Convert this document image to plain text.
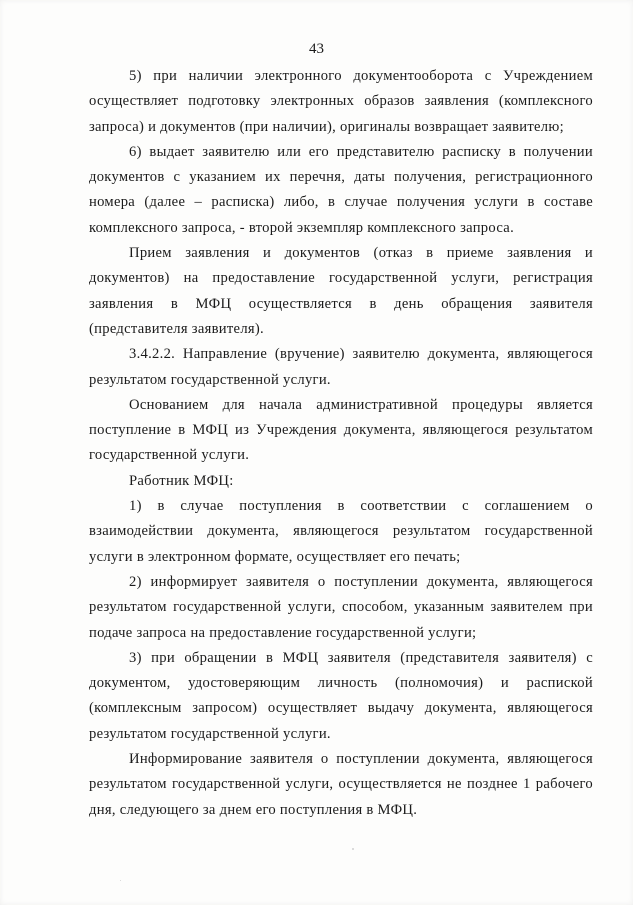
43

5) при наличии электронного документооборота с Учреждением осуществляет подготовку электронных образов заявления (комплексного запроса) и документов (при наличии), оригиналы возвращает заявителю;

6) выдает заявителю или его представителю расписку в получении документов с указанием их перечня, даты получения, регистрационного номера (далее – расписка) либо, в случае получения услуги в составе комплексного запроса, - второй экземпляр комплексного запроса.

Прием заявления и документов (отказ в приеме заявления и документов) на предоставление государственной услуги, регистрация заявления в МФЦ осуществляется в день обращения заявителя (представителя заявителя).

3.4.2.2. Направление (вручение) заявителю документа, являющегося результатом государственной услуги.

Основанием для начала административной процедуры является поступление в МФЦ из Учреждения документа, являющегося результатом государственной услуги.

Работник МФЦ:

1) в случае поступления в соответствии с соглашением о взаимодействии документа, являющегося результатом государственной услуги в электронном формате, осуществляет его печать;

2) информирует заявителя о поступлении документа, являющегося результатом государственной услуги, способом, указанным заявителем при подаче запроса на предоставление государственной услуги;

3) при обращении в МФЦ заявителя (представителя заявителя) с документом, удостоверяющим личность (полномочия) и распиской (комплексным запросом) осуществляет выдачу документа, являющегося результатом государственной услуги.

Информирование заявителя о поступлении документа, являющегося результатом государственной услуги, осуществляется не позднее 1 рабочего дня, следующего за днем его поступления в МФЦ.
